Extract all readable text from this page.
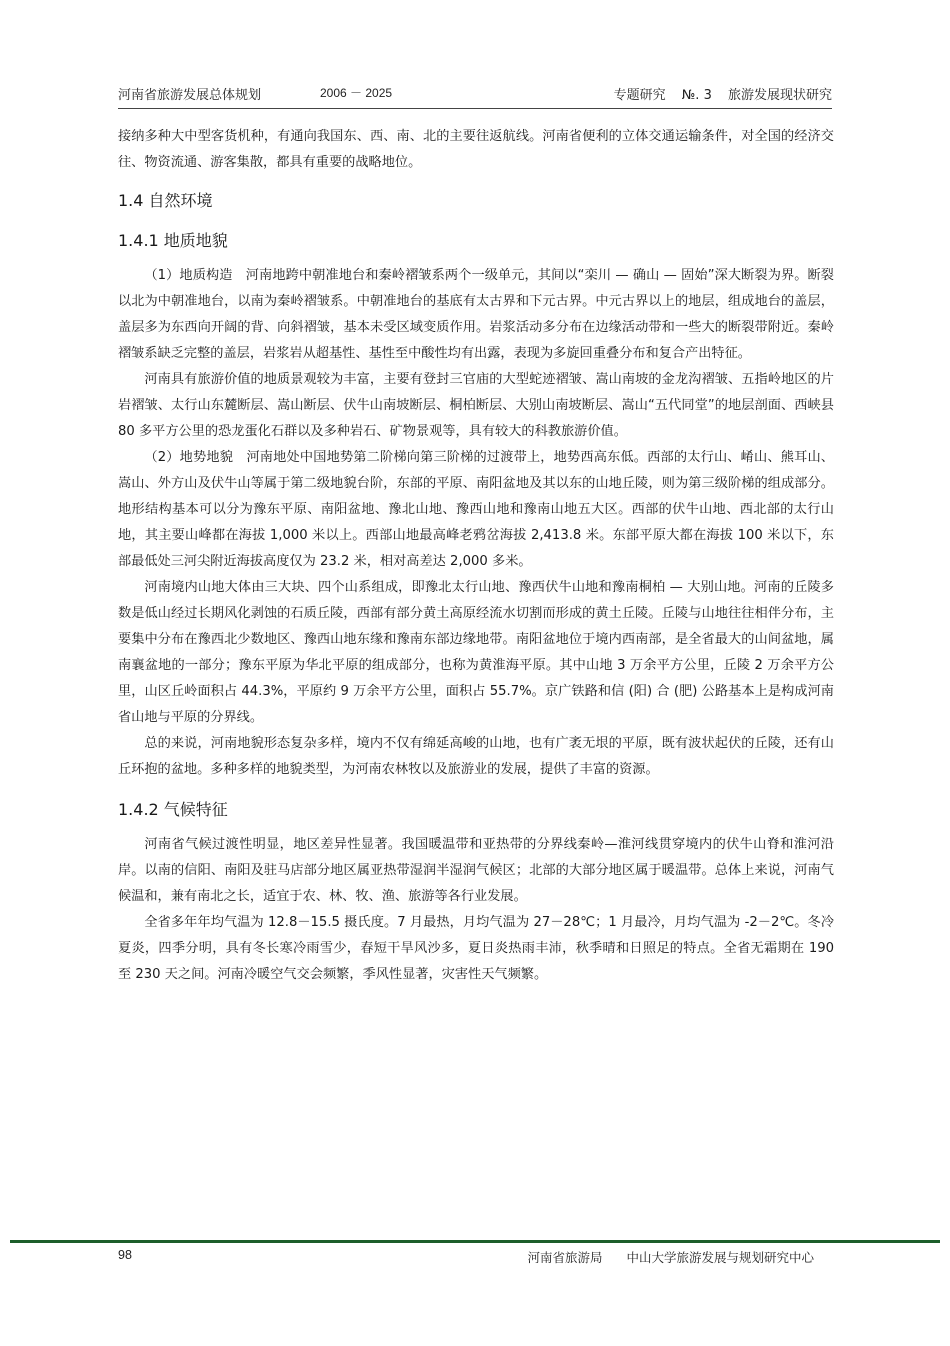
河南省旅游发展总体规划	2006 － 2025	专题研究 №. 3 旅游发展现状研究

接纳多种大中型客货机种，有通向我国东、西、南、北的主要往返航线。河南省便利的立体交通运输条件，对全国的经济交往、物资流通、游客集散，都具有重要的战略地位。

1.4 自然环境
1.4.1 地质地貌

（1）地质构造　河南地跨中朝准地台和秦岭褶皱系两个一级单元，其间以“栾川 — 确山 — 固始”深大断裂为界。断裂以北为中朝准地台，以南为秦岭褶皱系。中朝准地台的基底有太古界和下元古界。中元古界以上的地层，组成地台的盖层，盖层多为东西向开阔的背、向斜褶皱，基本未受区域变质作用。岩浆活动多分布在边缘活动带和一些大的断裂带附近。秦岭褶皱系缺乏完整的盖层，岩浆岩从超基性、基性至中酸性均有出露，表现为多旋回重叠分布和复合产出特征。

河南具有旅游价值的地质景观较为丰富，主要有登封三官庙的大型蛇迹褶皱、嵩山南坡的金龙沟褶皱、五指岭地区的片岩褶皱、太行山东麓断层、嵩山断层、伏牛山南坡断层、桐柏断层、大别山南坡断层、嵩山“五代同堂”的地层剖面、西峡县 80 多平方公里的恐龙蛋化石群以及多种岩石、矿物景观等，具有较大的科教旅游价值。

（2）地势地貌　河南地处中国地势第二阶梯向第三阶梯的过渡带上，地势西高东低。西部的太行山、崤山、熊耳山、嵩山、外方山及伏牛山等属于第二级地貌台阶，东部的平原、南阳盆地及其以东的山地丘陵，则为第三级阶梯的组成部分。地形结构基本可以分为豫东平原、南阳盆地、豫北山地、豫西山地和豫南山地五大区。西部的伏牛山地、西北部的太行山地，其主要山峰都在海拔 1,000 米以上。西部山地最高峰老鸦岔海拔 2,413.8 米。东部平原大都在海拔 100 米以下，东部最低处三河尖附近海拔高度仅为 23.2 米，相对高差达 2,000 多米。

河南境内山地大体由三大块、四个山系组成，即豫北太行山地、豫西伏牛山地和豫南桐柏 — 大别山地。河南的丘陵多数是低山经过长期风化剥蚀的石质丘陵，西部有部分黄土高原经流水切割而形成的黄土丘陵。丘陵与山地往往相伴分布，主要集中分布在豫西北少数地区、豫西山地东缘和豫南东部边缘地带。南阳盆地位于境内西南部，是全省最大的山间盆地，属南襄盆地的一部分；豫东平原为华北平原的组成部分，也称为黄淮海平原。其中山地 3 万余平方公里，丘陵 2 万余平方公里，山区丘岭面积占 44.3%，平原约 9 万余平方公里，面积占 55.7%。京广铁路和信 (阳) 合 (肥) 公路基本上是构成河南省山地与平原的分界线。

总的来说，河南地貌形态复杂多样，境内不仅有绵延高峻的山地，也有广袤无垠的平原，既有波状起伏的丘陵，还有山丘环抱的盆地。多种多样的地貌类型，为河南农林牧以及旅游业的发展，提供了丰富的资源。

1.4.2 气候特征

河南省气候过渡性明显，地区差异性显著。我国暖温带和亚热带的分界线秦岭—淮河线贯穿境内的伏牛山脊和淮河沿岸。以南的信阳、南阳及驻马店部分地区属亚热带湿润半湿润气候区；北部的大部分地区属于暖温带。总体上来说，河南气候温和，兼有南北之长，适宜于农、林、牧、渔、旅游等各行业发展。

全省多年年均气温为 12.8－15.5 摄氏度。7 月最热，月均气温为 27－28℃；1 月最冷，月均气温为 -2－2℃。冬冷夏炎，四季分明，具有冬长寒冷雨雪少，春短干旱风沙多，夏日炎热雨丰沛，秋季晴和日照足的特点。全省无霜期在 190 至 230 天之间。河南冷暖空气交会频繁，季风性显著，灾害性天气频繁。

98	河南省旅游局 中山大学旅游发展与规划研究中心
